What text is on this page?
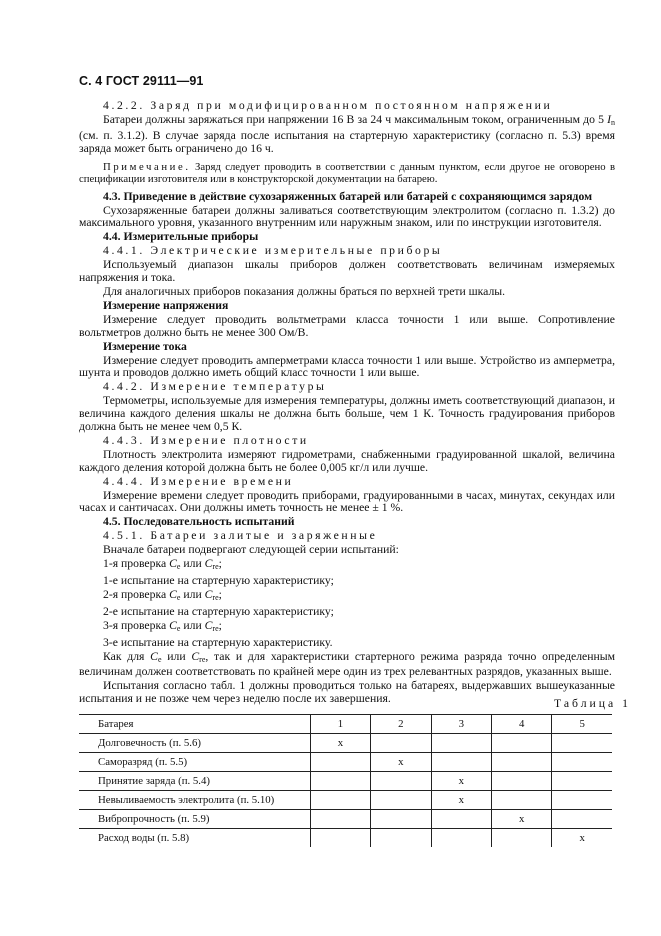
С. 4 ГОСТ 29111—91

4.2.2. Заряд при модифицированном постоянном напряжении

Батареи должны заряжаться при напряжении 16 В за 24 ч максимальным током, ограниченным до 5 $I_n$ (см. п. 3.1.2). В случае заряда после испытания на стартерную характеристику (согласно п. 5.3) время заряда может быть ограничено до 16 ч.

Примечание. Заряд следует проводить в соответствии с данным пунктом, если другое не оговорено в спецификации изготовителя или в конструкторской документации на батарею.

4.3. Приведение в действие сухозаряженных батарей или батарей с сохраняющимся зарядом

Сухозаряженные батареи должны заливаться соответствующим электролитом (согласно п. 1.3.2) до максимального уровня, указанного внутренним или наружным знаком, или по инструкции изготовителя.

4.4. Измерительные приборы

4.4.1. Электрические измерительные приборы

Используемый диапазон шкалы приборов должен соответствовать величинам измеряемых напряжения и тока.

Для аналогичных приборов показания должны браться по верхней трети шкалы.

Измерение напряжения

Измерение следует проводить вольтметрами класса точности 1 или выше. Сопротивление вольтметров должно быть не менее 300 Ом/В.

Измерение тока

Измерение следует проводить амперметрами класса точности 1 или выше. Устройство из амперметра, шунта и проводов должно иметь общий класс точности 1 или выше.

4.4.2. Измерение температуры

Термометры, используемые для измерения температуры, должны иметь соответствующий диапазон, и величина каждого деления шкалы не должна быть больше, чем 1 К. Точность градуирования приборов должна быть не менее чем 0,5 К.

4.4.3. Измерение плотности

Плотность электролита измеряют гидрометрами, снабженными градуированной шкалой, величина каждого деления которой должна быть не более 0,005 кг/л или лучше.

4.4.4. Измерение времени

Измерение времени следует проводить приборами, градуированными в часах, минутах, секундах или часах и сантичасах. Они должны иметь точность не менее ± 1 %.

4.5. Последовательность испытаний

4.5.1. Батареи залитые и заряженные

Вначале батареи подвергают следующей серии испытаний:

1-я проверка $C_e$ или $C_{re}$;

1-е испытание на стартерную характеристику;

2-я проверка $C_e$ или $C_{re}$;

2-е испытание на стартерную характеристику;

3-я проверка $C_e$ или $C_{re}$;

3-е испытание на стартерную характеристику.

Как для $C_e$ или $C_{re}$, так и для характеристики стартерного режима разряда точно определенным величинам должен соответствовать по крайней мере один из трех релевантных разрядов, указанных выше.

Испытания согласно табл. 1 должны проводиться только на батареях, выдержавших вышеуказанные испытания и не позже чем через неделю после их завершения.	Таблица 1
Батарея	1	2	3	4	5
Долговечность (п. 5.6)	x				
Саморазряд (п. 5.5)		x			
Принятие заряда (п. 5.4)			x		
Невыливаемость электролита (п. 5.10)			x		
Вибропрочность (п. 5.9)				x	
Расход воды (п. 5.8)					x
